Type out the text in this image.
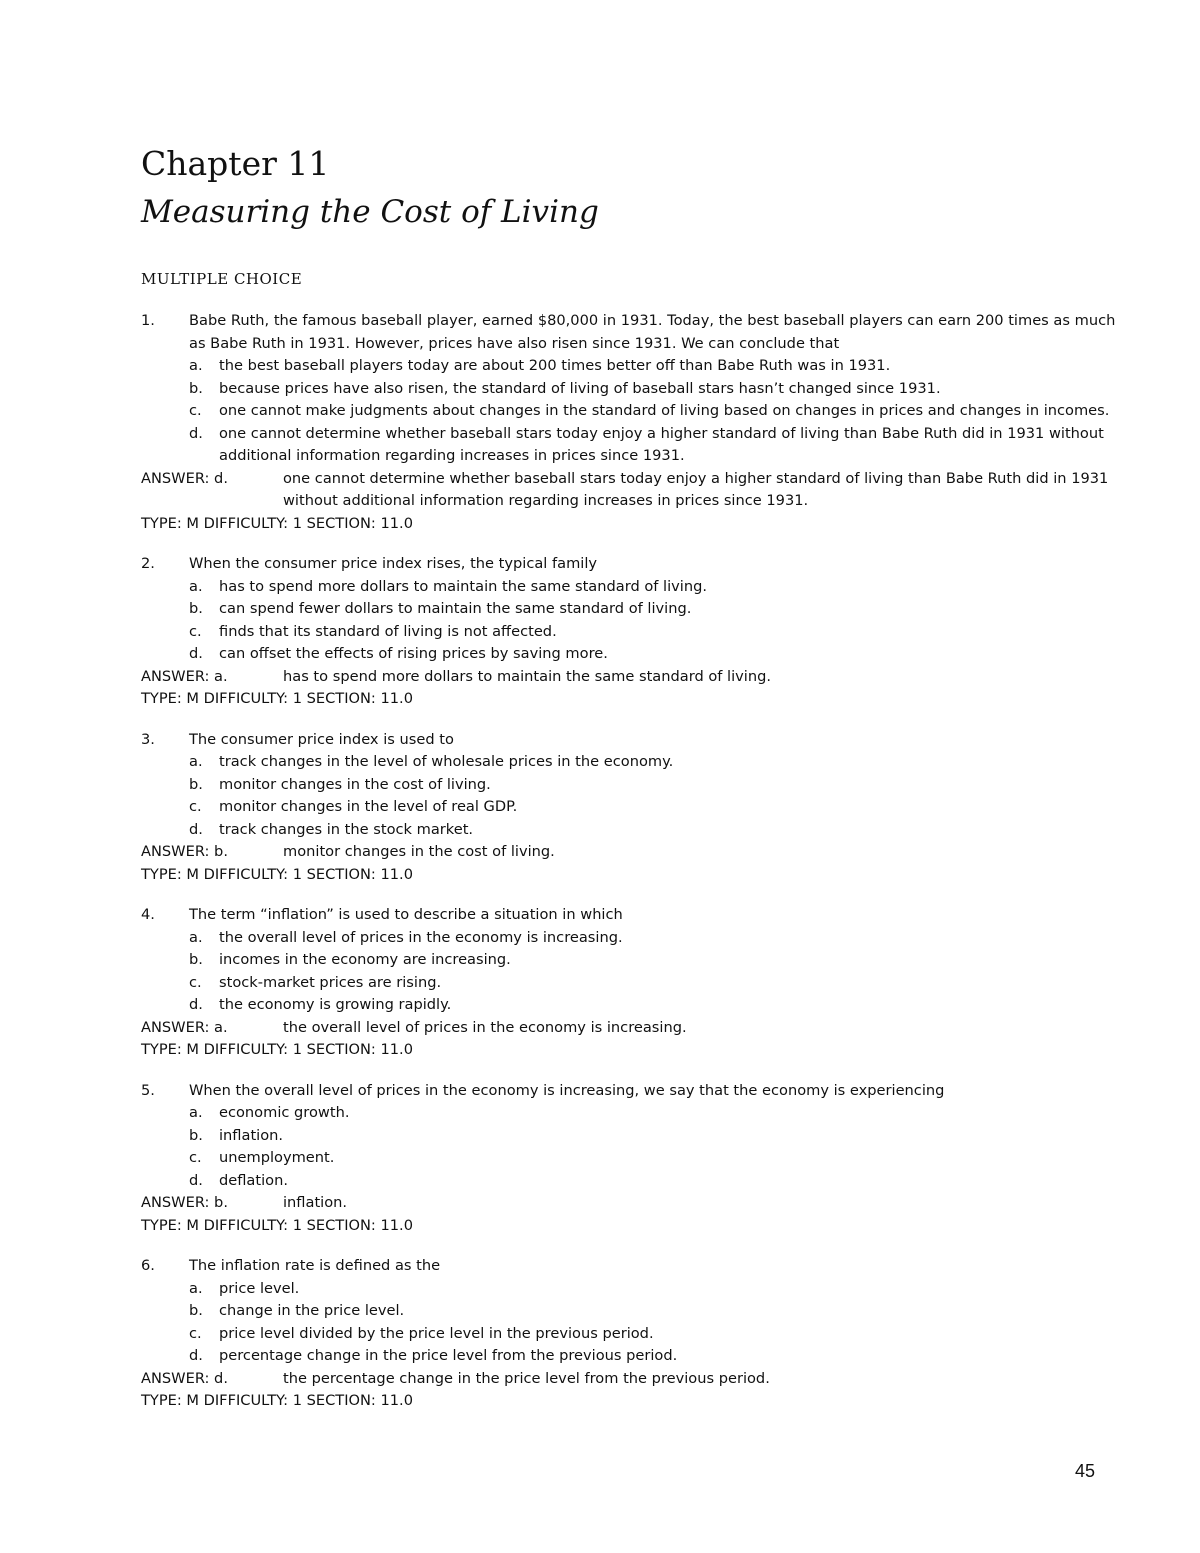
Chapter 11
Measuring the Cost of Living
MULTIPLE CHOICE
1.	Babe Ruth, the famous baseball player, earned $80,000 in 1931. Today, the best baseball players can earn 200 times as much as Babe Ruth in 1931. However, prices have also risen since 1931. We can conclude that
a.	the best baseball players today are about 200 times better off than Babe Ruth was in 1931.
b.	because prices have also risen, the standard of living of baseball stars hasn’t changed since 1931.
c.	one cannot make judgments about changes in the standard of living based on changes in prices and changes in incomes.
d.	one cannot determine whether baseball stars today enjoy a higher standard of living than Babe Ruth did in 1931 without additional information regarding increases in prices since 1931.
ANSWER: d.	one cannot determine whether baseball stars today enjoy a higher standard of living than Babe Ruth did in 1931 without additional information regarding increases in prices since 1931.
TYPE: M DIFFICULTY: 1 SECTION: 11.0
2.	When the consumer price index rises, the typical family
a.	has to spend more dollars to maintain the same standard of living.
b.	can spend fewer dollars to maintain the same standard of living.
c.	finds that its standard of living is not affected.
d.	can offset the effects of rising prices by saving more.
ANSWER: a.	has to spend more dollars to maintain the same standard of living.
TYPE: M DIFFICULTY: 1 SECTION: 11.0
3.	The consumer price index is used to
a.	track changes in the level of wholesale prices in the economy.
b.	monitor changes in the cost of living.
c.	monitor changes in the level of real GDP.
d.	track changes in the stock market.
ANSWER: b.	monitor changes in the cost of living.
TYPE: M DIFFICULTY: 1 SECTION: 11.0
4.	The term “inflation” is used to describe a situation in which
a.	the overall level of prices in the economy is increasing.
b.	incomes in the economy are increasing.
c.	stock-market prices are rising.
d.	the economy is growing rapidly.
ANSWER: a.	the overall level of prices in the economy is increasing.
TYPE: M DIFFICULTY: 1 SECTION: 11.0
5.	When the overall level of prices in the economy is increasing, we say that the economy is experiencing
a.	economic growth.
b.	inflation.
c.	unemployment.
d.	deflation.
ANSWER: b.	inflation.
TYPE: M DIFFICULTY: 1 SECTION: 11.0
6.	The inflation rate is defined as the
a.	price level.
b.	change in the price level.
c.	price level divided by the price level in the previous period.
d.	percentage change in the price level from the previous period.
ANSWER: d.	the percentage change in the price level from the previous period.
TYPE: M DIFFICULTY: 1 SECTION: 11.0
45
